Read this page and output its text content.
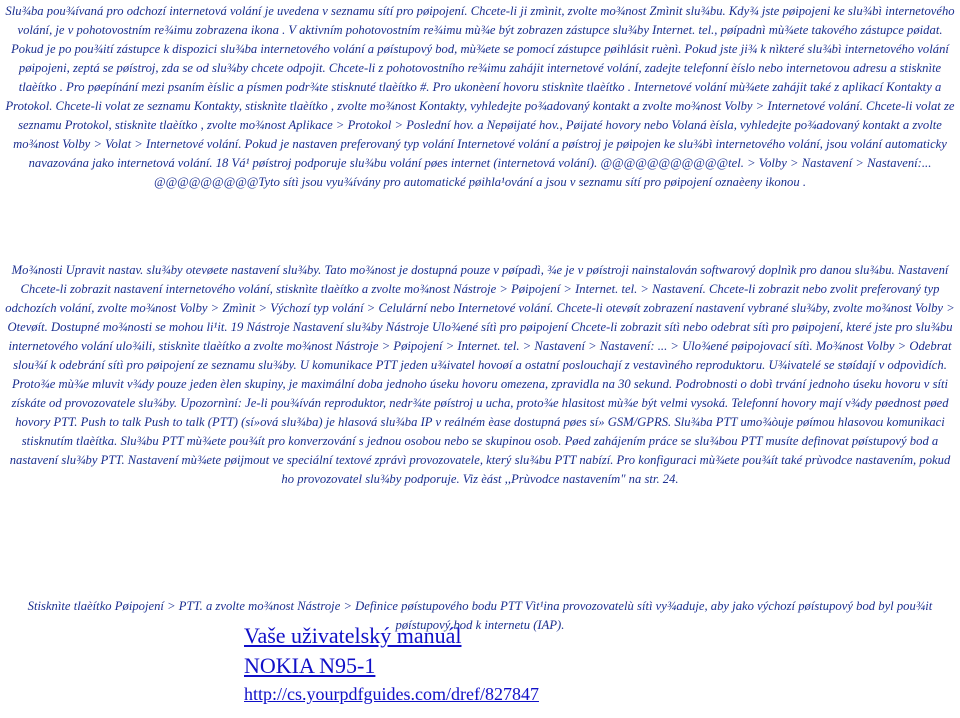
Slu¾ba pou¾ívaná pro odchozí internetová volání je uvedena v seznamu sítí pro pøipojení. Chcete-li ji zmìnit, zvolte mo¾nost Zmìnit slu¾bu. Kdy¾ jste pøipojeni ke slu¾bì internetového volání, je v pohotovostním re¾imu zobrazena ikona . V aktivním pohotovostním re¾imu mù¾e být zobrazen zástupce slu¾by Internet. tel., pøípadnì mù¾ete takového zástupce pøidat. Pokud je po pou¾ití zástupce k dispozici slu¾ba internetového volání a pøístupový bod, mù¾ete se pomocí zástupce pøihlásit ruènì. Pokud jste ji¾ k nìkteré slu¾bì internetového volání pøipojeni, zeptá se pøístroj, zda se od slu¾by chcete odpojit. Chcete-li z pohotovostního re¾imu zahájit internetové volání, zadejte telefonní èíslo nebo internetovou adresu a stisknìte tlaèítko . Pro pøepínání mezi psaním èíslic a písmen podr¾te stisknuté tlaèítko #. Pro ukonèení hovoru stisknìte tlaèítko . Internetové volání mù¾ete zahájit také z aplikací Kontakty a Protokol. Chcete-li volat ze seznamu Kontakty, stisknìte tlaèítko , zvolte mo¾nost Kontakty, vyhledejte po¾adovaný kontakt a zvolte mo¾nost Volby > Internetové volání. Chcete-li volat ze seznamu Protokol, stisknìte tlaèítko , zvolte mo¾nost Aplikace > Protokol > Poslední hov. a Nepøijaté hov., Pøijaté hovory nebo Volaná èísla, vyhledejte po¾adovaný kontakt a zvolte mo¾nost Volby > Volat > Internetové volání. Pokud je nastaven preferovaný typ volání Internetové volání a pøístroj je pøipojen ke slu¾bì internetového volání, jsou volání automaticky navazována jako internetová volání. 18 Vá¹ pøístroj podporuje slu¾bu volání pøes internet (internetová volání). @@@@@@@@@@@tel. > Volby > Nastavení > Nastavení:... @@@@@@@@@Tyto sítì jsou vyu¾ívány pro automatické pøihla¹ování a jsou v seznamu sítí pro pøipojení oznaèeny ikonou .

Stisknìte tlaèítko Pøipojení > PTT. a zvolte mo¾nost Nástroje > Definice pøístupového bodu PTT Vìt¹ina provozovatelù sítì vy¾aduje, aby jako výchozí pøístupový bod byl pou¾it pøístupový bod k internetu (IAP).

Mo¾nosti Upravit nastav. slu¾by otevøete nastavení slu¾by. Tato mo¾nost je dostupná pouze v pøípadì, ¾e je v pøístroji nainstalován softwarový doplnìk pro danou slu¾bu. Nastavení Chcete-li zobrazit nastavení internetového volání, stisknìte tlaèítko a zvolte mo¾nost Nástroje > Pøipojení > Internet. tel. > Nastavení. Chcete-li zobrazit nebo zvolit preferovaný typ odchozích volání, zvolte mo¾nost Volby > Zmìnit > Výchozí typ volání > Celulární nebo Internetové volání. Chcete-li otevøít zobrazení nastavení vybrané slu¾by, zvolte mo¾nost Volby > Otevøít. Dostupné mo¾nosti se mohou li¹it. 19 Nástroje Nastavení slu¾by Nástroje Ulo¾ené sítì pro pøipojení Chcete-li zobrazit sítì nebo odebrat sítì pro pøipojení, které jste pro slu¾bu internetového volání ulo¾ili, stisknìte tlaèítko a zvolte mo¾nost Nástroje > Pøipojení > Internet. tel. > Nastavení > Nastavení: ... > Ulo¾ené pøipojovací sítì. Mo¾nost Volby > Odebrat slou¾í k odebrání sítì pro pøipojení ze seznamu slu¾by. U komunikace PTT jeden u¾ivatel hovoøí a ostatní poslouchají z vestavìného reproduktoru. U¾ivatelé se støídají v odpovìdích. Proto¾e mù¾e mluvit v¾dy pouze jeden èlen skupiny, je maximální doba jednoho úseku hovoru omezena, zpravidla na 30 sekund. Podrobnosti o dobì trvání jednoho úseku hovoru v síti získáte od provozovatele slu¾by. Upozornìní: Je-li pou¾íván reproduktor, nedr¾te pøístroj u ucha, proto¾e hlasitost mù¾e být velmi vysoká. Telefonní hovory mají v¾dy pøednost pøed hovory PTT. Push to talk Push to talk (PTT) (sí»ová slu¾ba) je hlasová slu¾ba IP v reálném èase dostupná pøes sí» GSM/GPRS. Slu¾ba PTT umo¾òuje pøímou hlasovou komunikaci stisknutím tlaèítka. Slu¾bu PTT mù¾ete pou¾ít pro konverzování s jednou osobou nebo se skupinou osob. Pøed zahájením práce se slu¾bou PTT musíte definovat pøístupový bod a nastavení slu¾by PTT. Nastavení mù¾ete pøijmout ve speciální textové zprávì provozovatele, který slu¾bu PTT nabízí. Pro konfiguraci mù¾ete pou¾ít také prùvodce nastavením, pokud ho provozovatel slu¾by podporuje. Viz èást ,,Prùvodce nastavením" na str. 24.

Vaše uživatelský manuál
NOKIA N95-1
http://cs.yourpdfguides.com/dref/827847
